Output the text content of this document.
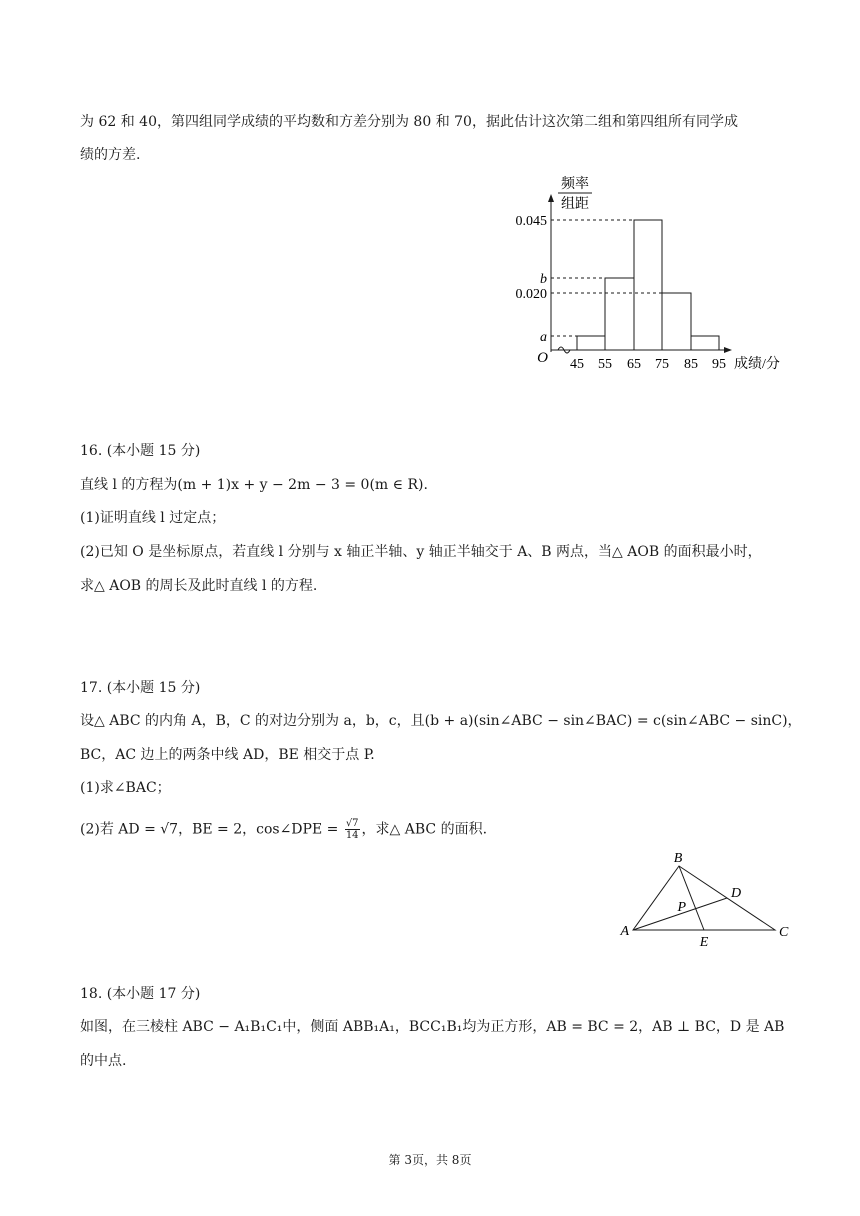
为 62 和 40，第四组同学成绩的平均数和方差分别为 80 和 70，据此估计这次第二组和第四组所有同学成
绩的方差.
频率
组距
0.045
b
0.020
a
O 45 55 65 75 85 95 成绩/分
16. (本小题 15 分)
直线 l 的方程为(m + 1)x + y − 2m − 3 = 0(m ∈ R).
(1)证明直线 l 过定点；
(2)已知 O 是坐标原点，若直线 l 分别与 x 轴正半轴、y 轴正半轴交于 A、B 两点，当△ AOB 的面积最小时，
求△ AOB 的周长及此时直线 l 的方程.
17. (本小题 15 分)
设△ ABC 的内角 A，B，C 的对边分别为 a，b，c，且(b + a)(sin∠ABC − sin∠BAC) = c(sin∠ABC − sinC)，
BC，AC 边上的两条中线 AD，BE 相交于点 P.
(1)求∠BAC；
(2)若 AD = √7，BE = 2，cos∠DPE = $\frac{√7}{14}$ ，求△ ABC 的面积.
B
D
P
A
E
C
18. (本小题 17 分)
如图，在三棱柱 ABC − A₁B₁C₁中，侧面 ABB₁A₁，BCC₁B₁均为正方形，AB = BC = 2，AB ⊥ BC，D 是 AB
的中点.
第 3页，共 8页
